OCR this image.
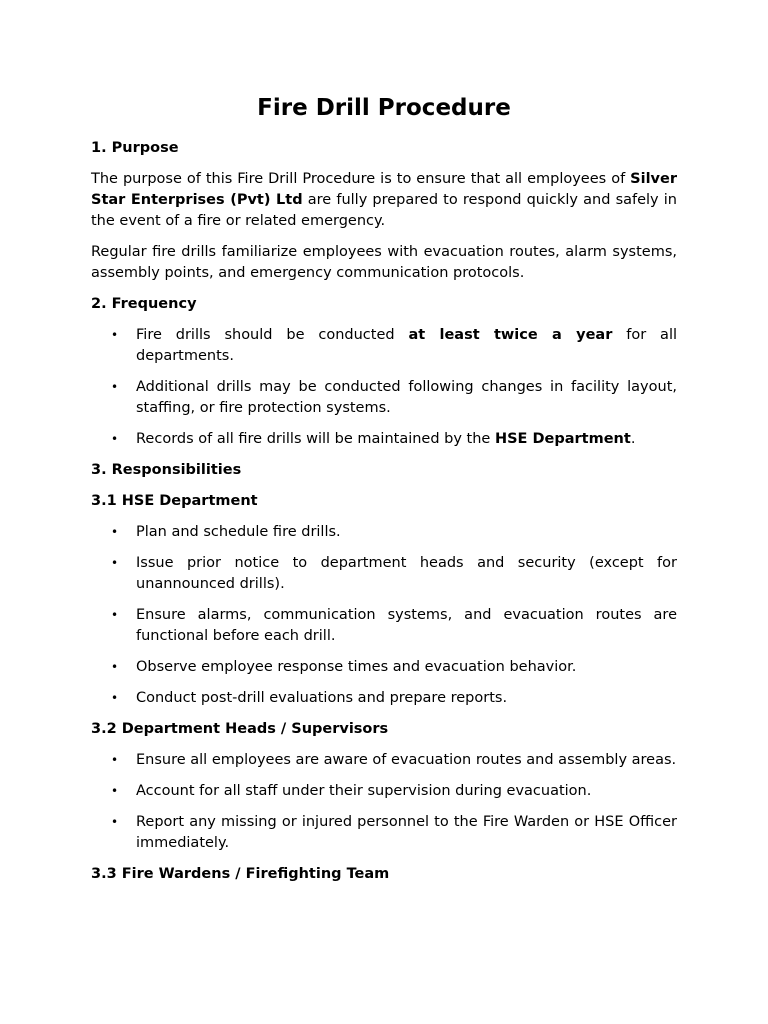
Fire Drill Procedure
1. Purpose

The purpose of this Fire Drill Procedure is to ensure that all employees of Silver Star Enterprises (Pvt) Ltd are fully prepared to respond quickly and safely in the event of a fire or related emergency.

Regular fire drills familiarize employees with evacuation routes, alarm systems, assembly points, and emergency communication protocols.

2. Frequency
• Fire drills should be conducted at least twice a year for all departments.
• Additional drills may be conducted following changes in facility layout, staffing, or fire protection systems.
• Records of all fire drills will be maintained by the HSE Department.
3. Responsibilities
3.1 HSE Department
• Plan and schedule fire drills.
• Issue prior notice to department heads and security (except for unannounced drills).
• Ensure alarms, communication systems, and evacuation routes are functional before each drill.
• Observe employee response times and evacuation behavior.
• Conduct post-drill evaluations and prepare reports.
3.2 Department Heads / Supervisors
• Ensure all employees are aware of evacuation routes and assembly areas.
• Account for all staff under their supervision during evacuation.
• Report any missing or injured personnel to the Fire Warden or HSE Officer immediately.
3.3 Fire Wardens / Firefighting Team
